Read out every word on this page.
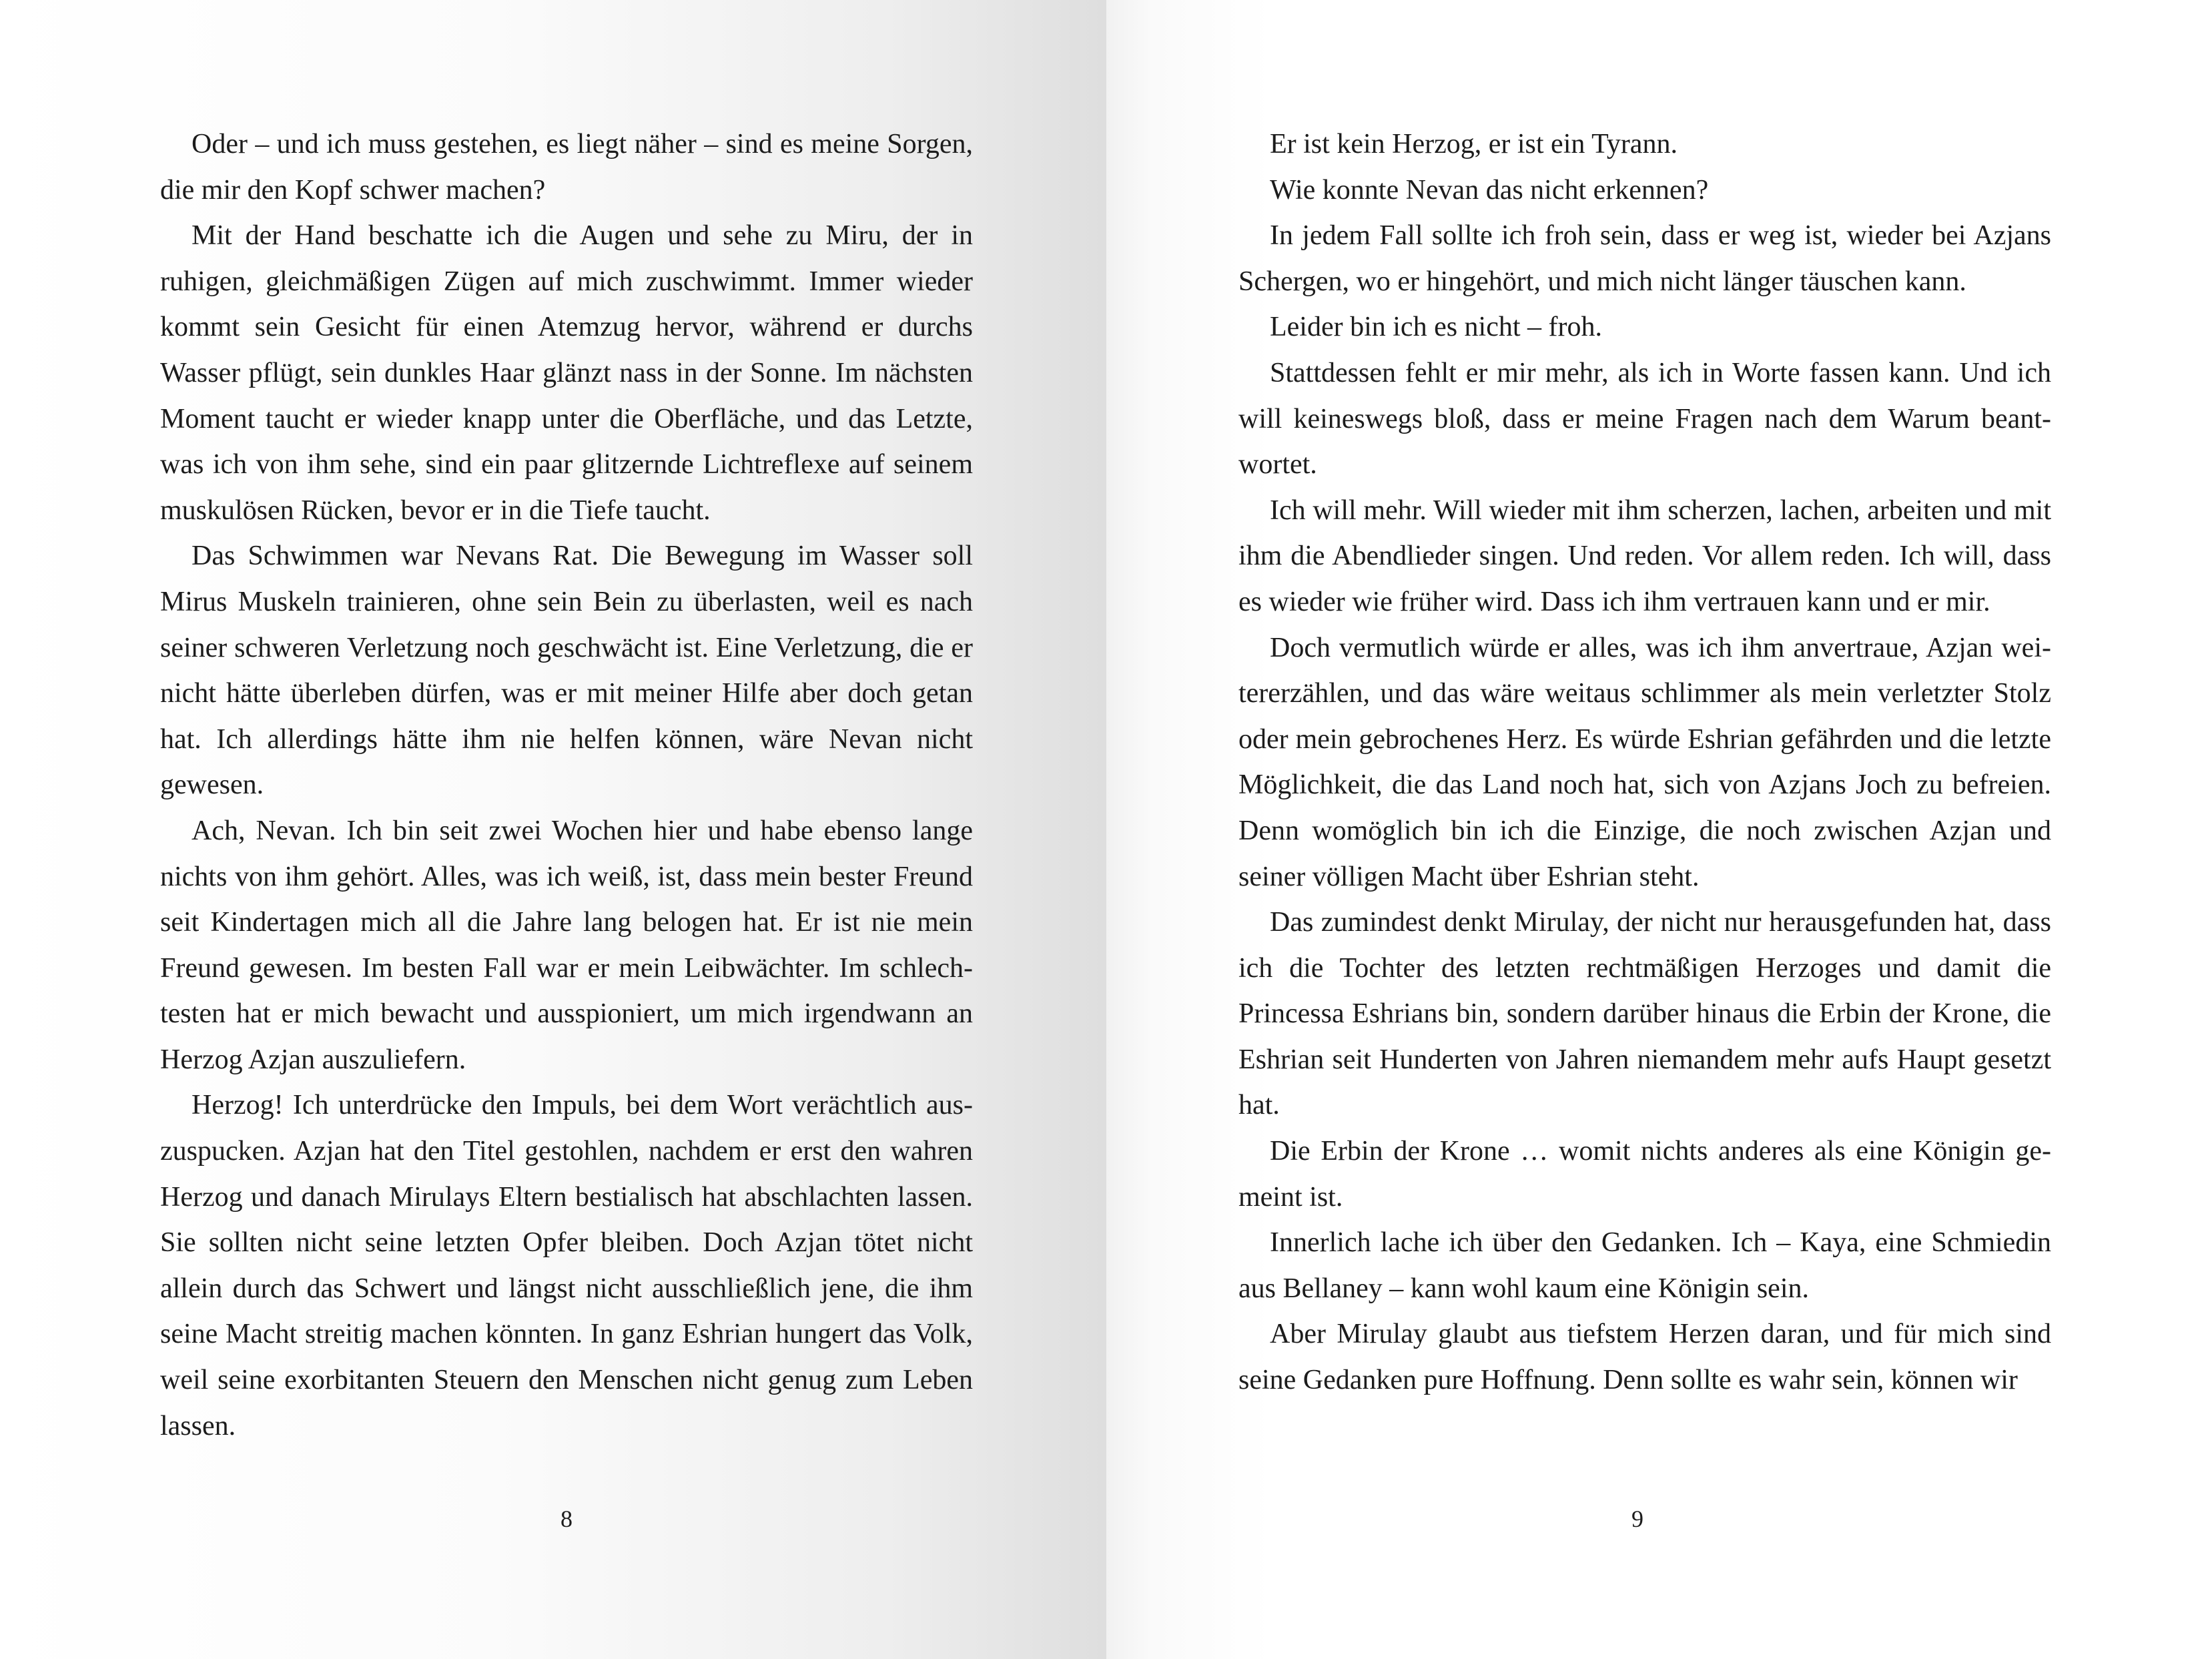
Oder – und ich muss gestehen, es liegt näher – sind es meine Sorgen, die mir den Kopf schwer machen?

Mit der Hand beschatte ich die Augen und sehe zu Miru, der in ruhigen, gleichmäßigen Zügen auf mich zuschwimmt. Immer wieder kommt sein Gesicht für einen Atemzug hervor, während er durchs Wasser pflügt, sein dunkles Haar glänzt nass in der Sonne. Im nächsten Moment taucht er wieder knapp unter die Oberfläche, und das Letzte, was ich von ihm sehe, sind ein paar glitzernde Lichtreflexe auf seinem muskulösen Rücken, bevor er in die Tiefe taucht.

Das Schwimmen war Nevans Rat. Die Bewegung im Wasser soll Mirus Muskeln trainieren, ohne sein Bein zu überlasten, weil es nach seiner schweren Verletzung noch geschwächt ist. Eine Verletzung, die er nicht hätte überleben dürfen, was er mit meiner Hilfe aber doch getan hat. Ich allerdings hätte ihm nie helfen können, wäre Nevan nicht gewesen.

Ach, Nevan. Ich bin seit zwei Wochen hier und habe ebenso lange nichts von ihm gehört. Alles, was ich weiß, ist, dass mein bester Freund seit Kindertagen mich all die Jahre lang belogen hat. Er ist nie mein Freund gewesen. Im besten Fall war er mein Leibwächter. Im schlechtesten hat er mich bewacht und ausspioniert, um mich irgendwann an Herzog Azjan auszuliefern.

Herzog! Ich unterdrücke den Impuls, bei dem Wort verächtlich auszuspucken. Azjan hat den Titel gestohlen, nachdem er erst den wahren Herzog und danach Mirulays Eltern bestialisch hat abschlachten lassen. Sie sollten nicht seine letzten Opfer bleiben. Doch Azjan tötet nicht allein durch das Schwert und längst nicht ausschließlich jene, die ihm seine Macht streitig machen könnten. In ganz Eshrian hungert das Volk, weil seine exorbitanten Steuern den Menschen nicht genug zum Leben lassen.

8

Er ist kein Herzog, er ist ein Tyrann.

Wie konnte Nevan das nicht erkennen?

In jedem Fall sollte ich froh sein, dass er weg ist, wieder bei Azjans Schergen, wo er hingehört, und mich nicht länger täuschen kann.

Leider bin ich es nicht – froh.

Stattdessen fehlt er mir mehr, als ich in Worte fassen kann. Und ich will keineswegs bloß, dass er meine Fragen nach dem Warum beantwortet.

Ich will mehr. Will wieder mit ihm scherzen, lachen, arbeiten und mit ihm die Abendlieder singen. Und reden. Vor allem reden. Ich will, dass es wieder wie früher wird. Dass ich ihm vertrauen kann und er mir.

Doch vermutlich würde er alles, was ich ihm anvertraue, Azjan weitererzählen, und das wäre weitaus schlimmer als mein verletzter Stolz oder mein gebrochenes Herz. Es würde Eshrian gefährden und die letzte Möglichkeit, die das Land noch hat, sich von Azjans Joch zu befreien. Denn womöglich bin ich die Einzige, die noch zwischen Azjan und seiner völligen Macht über Eshrian steht.

Das zumindest denkt Mirulay, der nicht nur herausgefunden hat, dass ich die Tochter des letzten rechtmäßigen Herzoges und damit die Princessa Eshrians bin, sondern darüber hinaus die Erbin der Krone, die Eshrian seit Hunderten von Jahren niemandem mehr aufs Haupt gesetzt hat.

Die Erbin der Krone … womit nichts anderes als eine Königin gemeint ist.

Innerlich lache ich über den Gedanken. Ich – Kaya, eine Schmiedin aus Bellaney – kann wohl kaum eine Königin sein.

Aber Mirulay glaubt aus tiefstem Herzen daran, und für mich sind seine Gedanken pure Hoffnung. Denn sollte es wahr sein, können wir

9
